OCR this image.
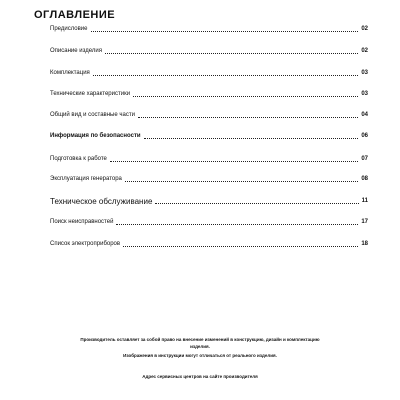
ОГЛАВЛЕНИЕ
Предисловие	02
Описание изделия	02
Комплектация	03
Технические характеристики	03
Общий вид и составные части	04
Информация по безопасности	06
Подготовка к работе	07
Эксплуатация генератора	08
Техническое обслуживание	11
Поиск неисправностей	17
Список электроприборов	18

Производитель оставляет за собой право на внесение изменений в конструкцию, дизайн и комплектацию изделия.

Изображения в инструкции могут отличаться от реального изделия.

Адрес сервисных центров на сайте производителя
